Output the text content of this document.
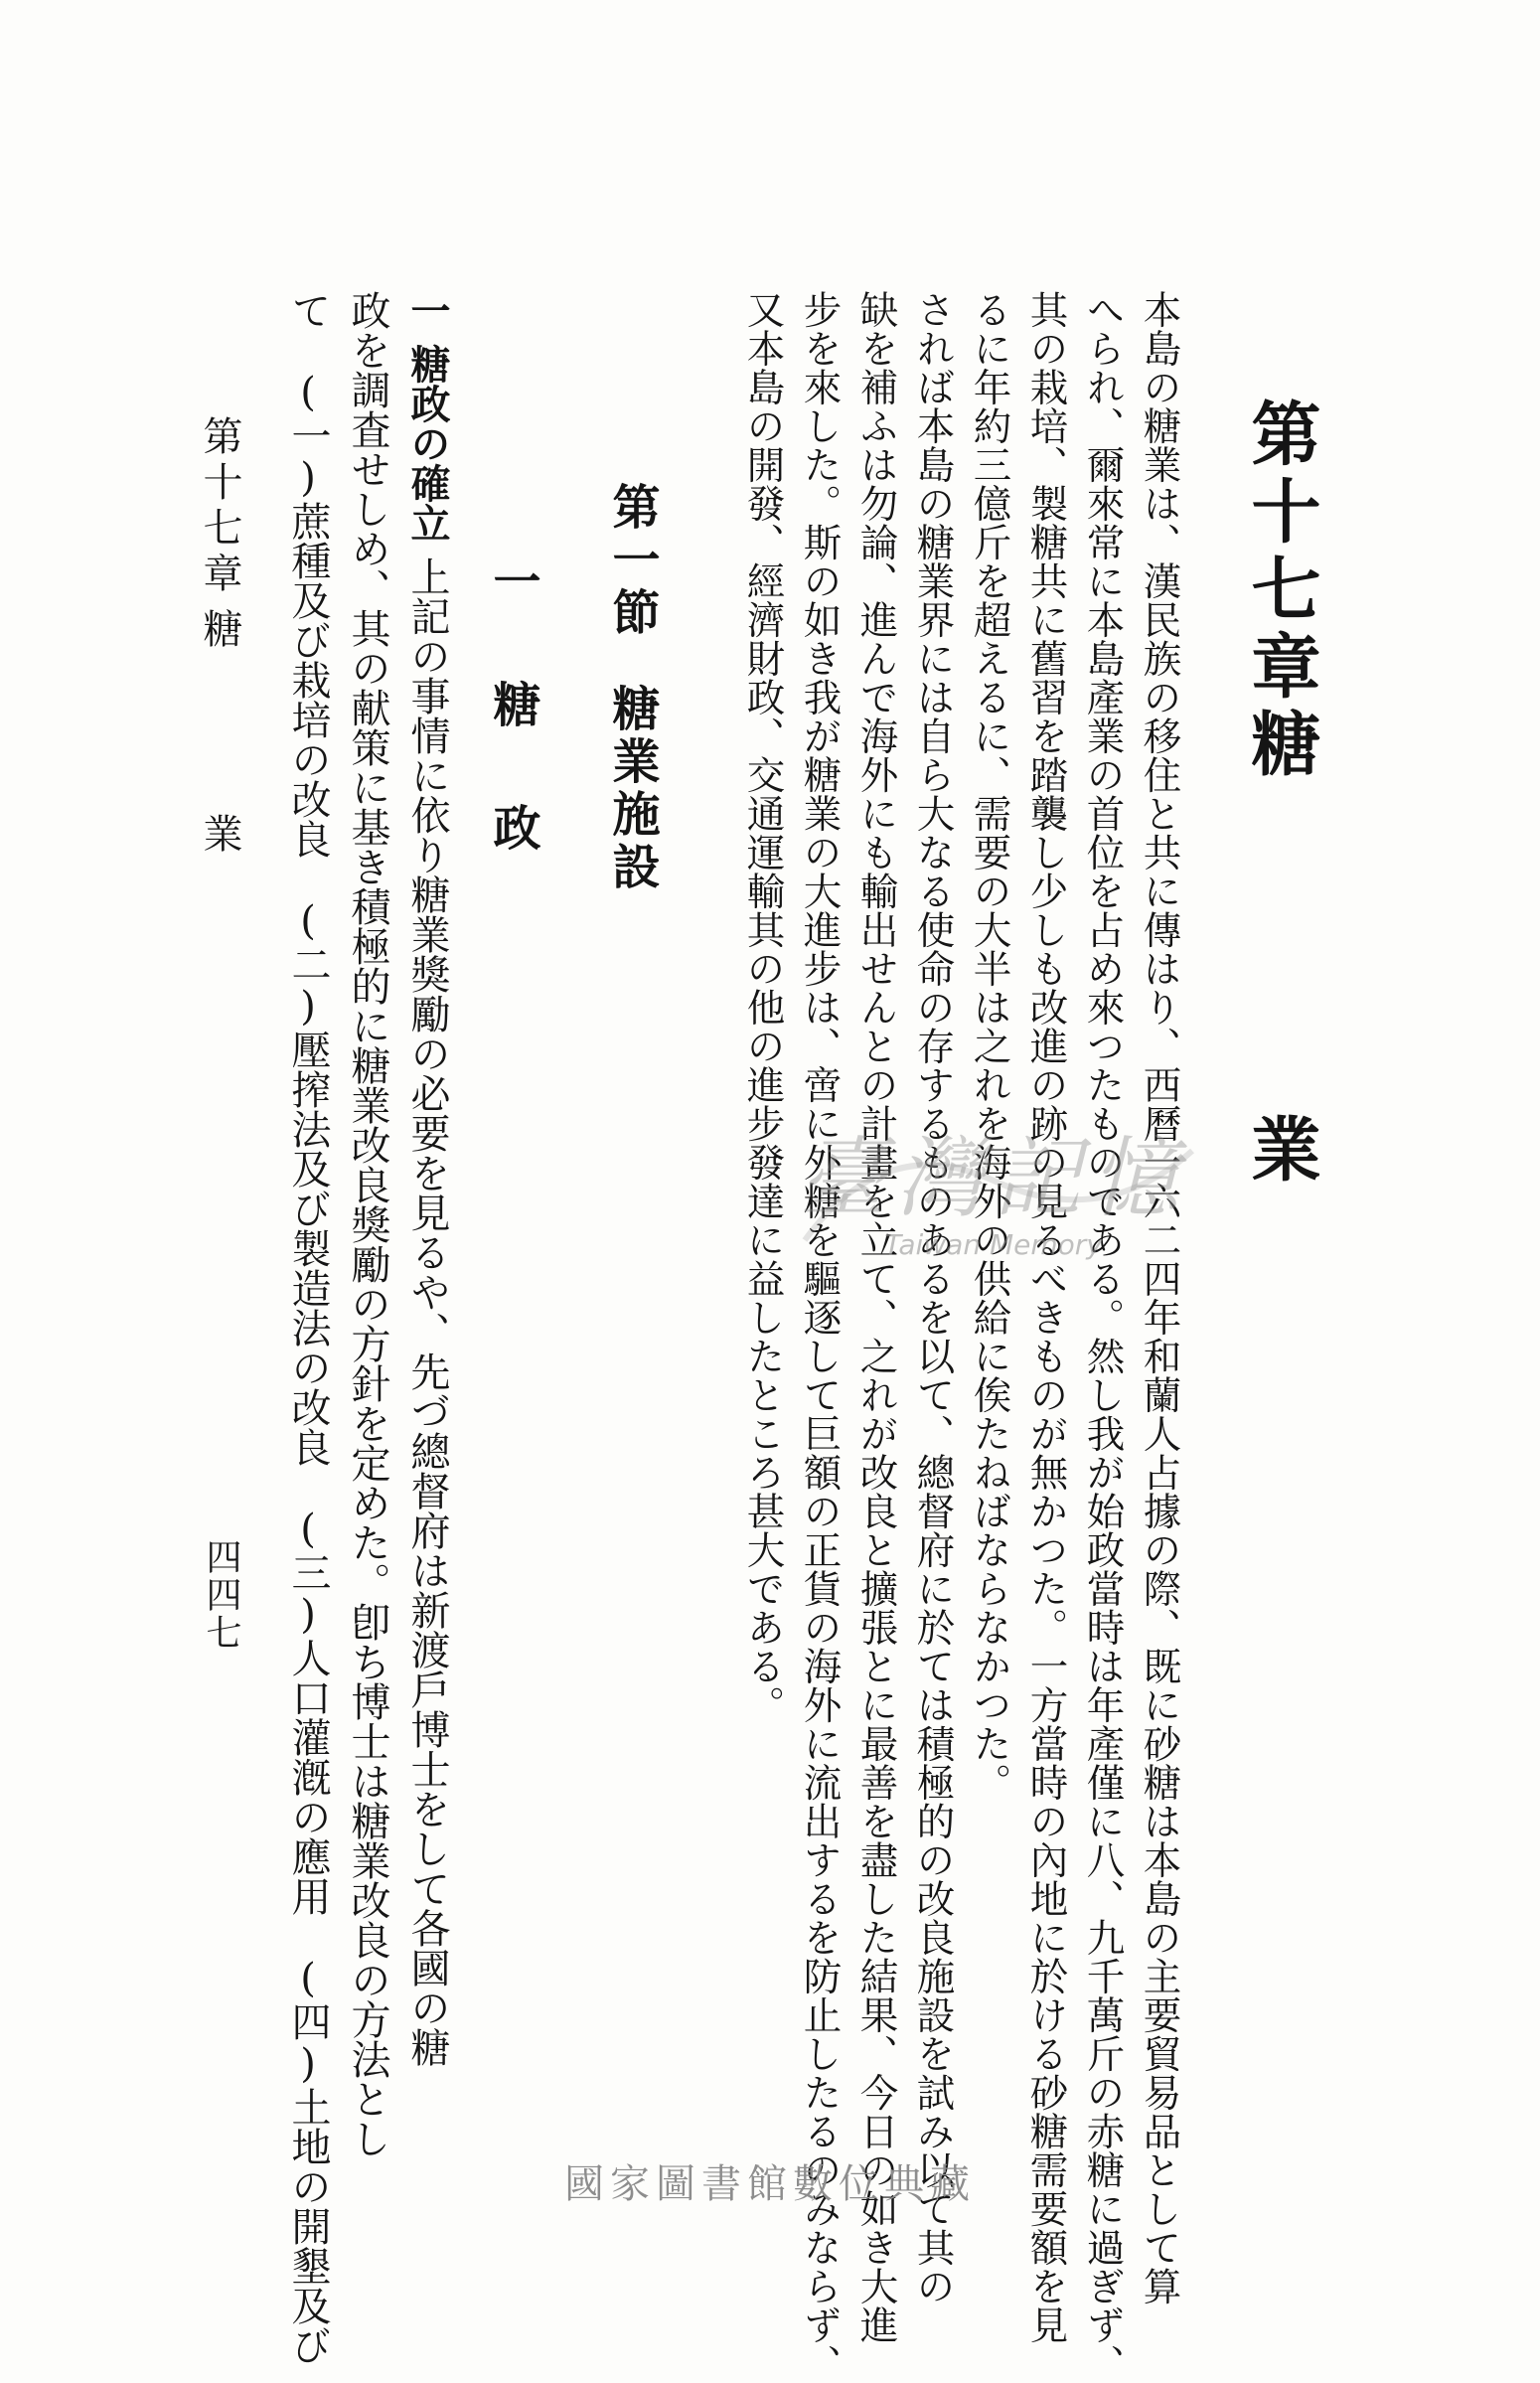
第十七章糖業
本島の糖業は、漢民族の移住と共に傳はり、西曆一六二四年和蘭人占據の際、既に砂糖は本島の主要貿易品として算
へられ、爾來常に本島產業の首位を占め來つたものである。然し我が始政當時は年產僅に八、九千萬斤の赤糖に過ぎず、
其の栽培、製糖共に舊習を踏襲し少しも改進の跡の見るべきものが無かつた。一方當時の內地に於ける砂糖需要額を見
るに年約三億斤を超えるに、需要の大半は之れを海外の供給に俟たねばならなかつた。
されば本島の糖業界には自ら大なる使命の存するものあるを以て、總督府に於ては積極的の改良施設を試み以て其の
缺を補ふは勿論、進んで海外にも輸出せんとの計畫を立て、之れが改良と擴張とに最善を盡した結果、今日の如き大進
步を來した。斯の如き我が糖業の大進步は、啻に外糖を驅逐して巨額の正貨の海外に流出するを防止したるのみならず、
又本島の開發、經濟財政、交通運輸其の他の進步發達に益したところ甚大である。
第一節糖業施設
一糖政
一糖政の確立上記の事情に依り糖業獎勵の必要を見るや、先づ總督府は新渡戶博士をして各國の糖
政を調査せしめ、其の献策に基き積極的に糖業改良獎勵の方針を定めた。卽ち博士は糖業改良の方法とし
て(一)蔗種及び栽培の改良(二)壓搾法及び製造法の改良(三)人口灌漑の應用(四)土地の開墾及び
第十七章糖業
四四七
臺灣記憶
Taiwan Memory
國家圖書館數位典藏
